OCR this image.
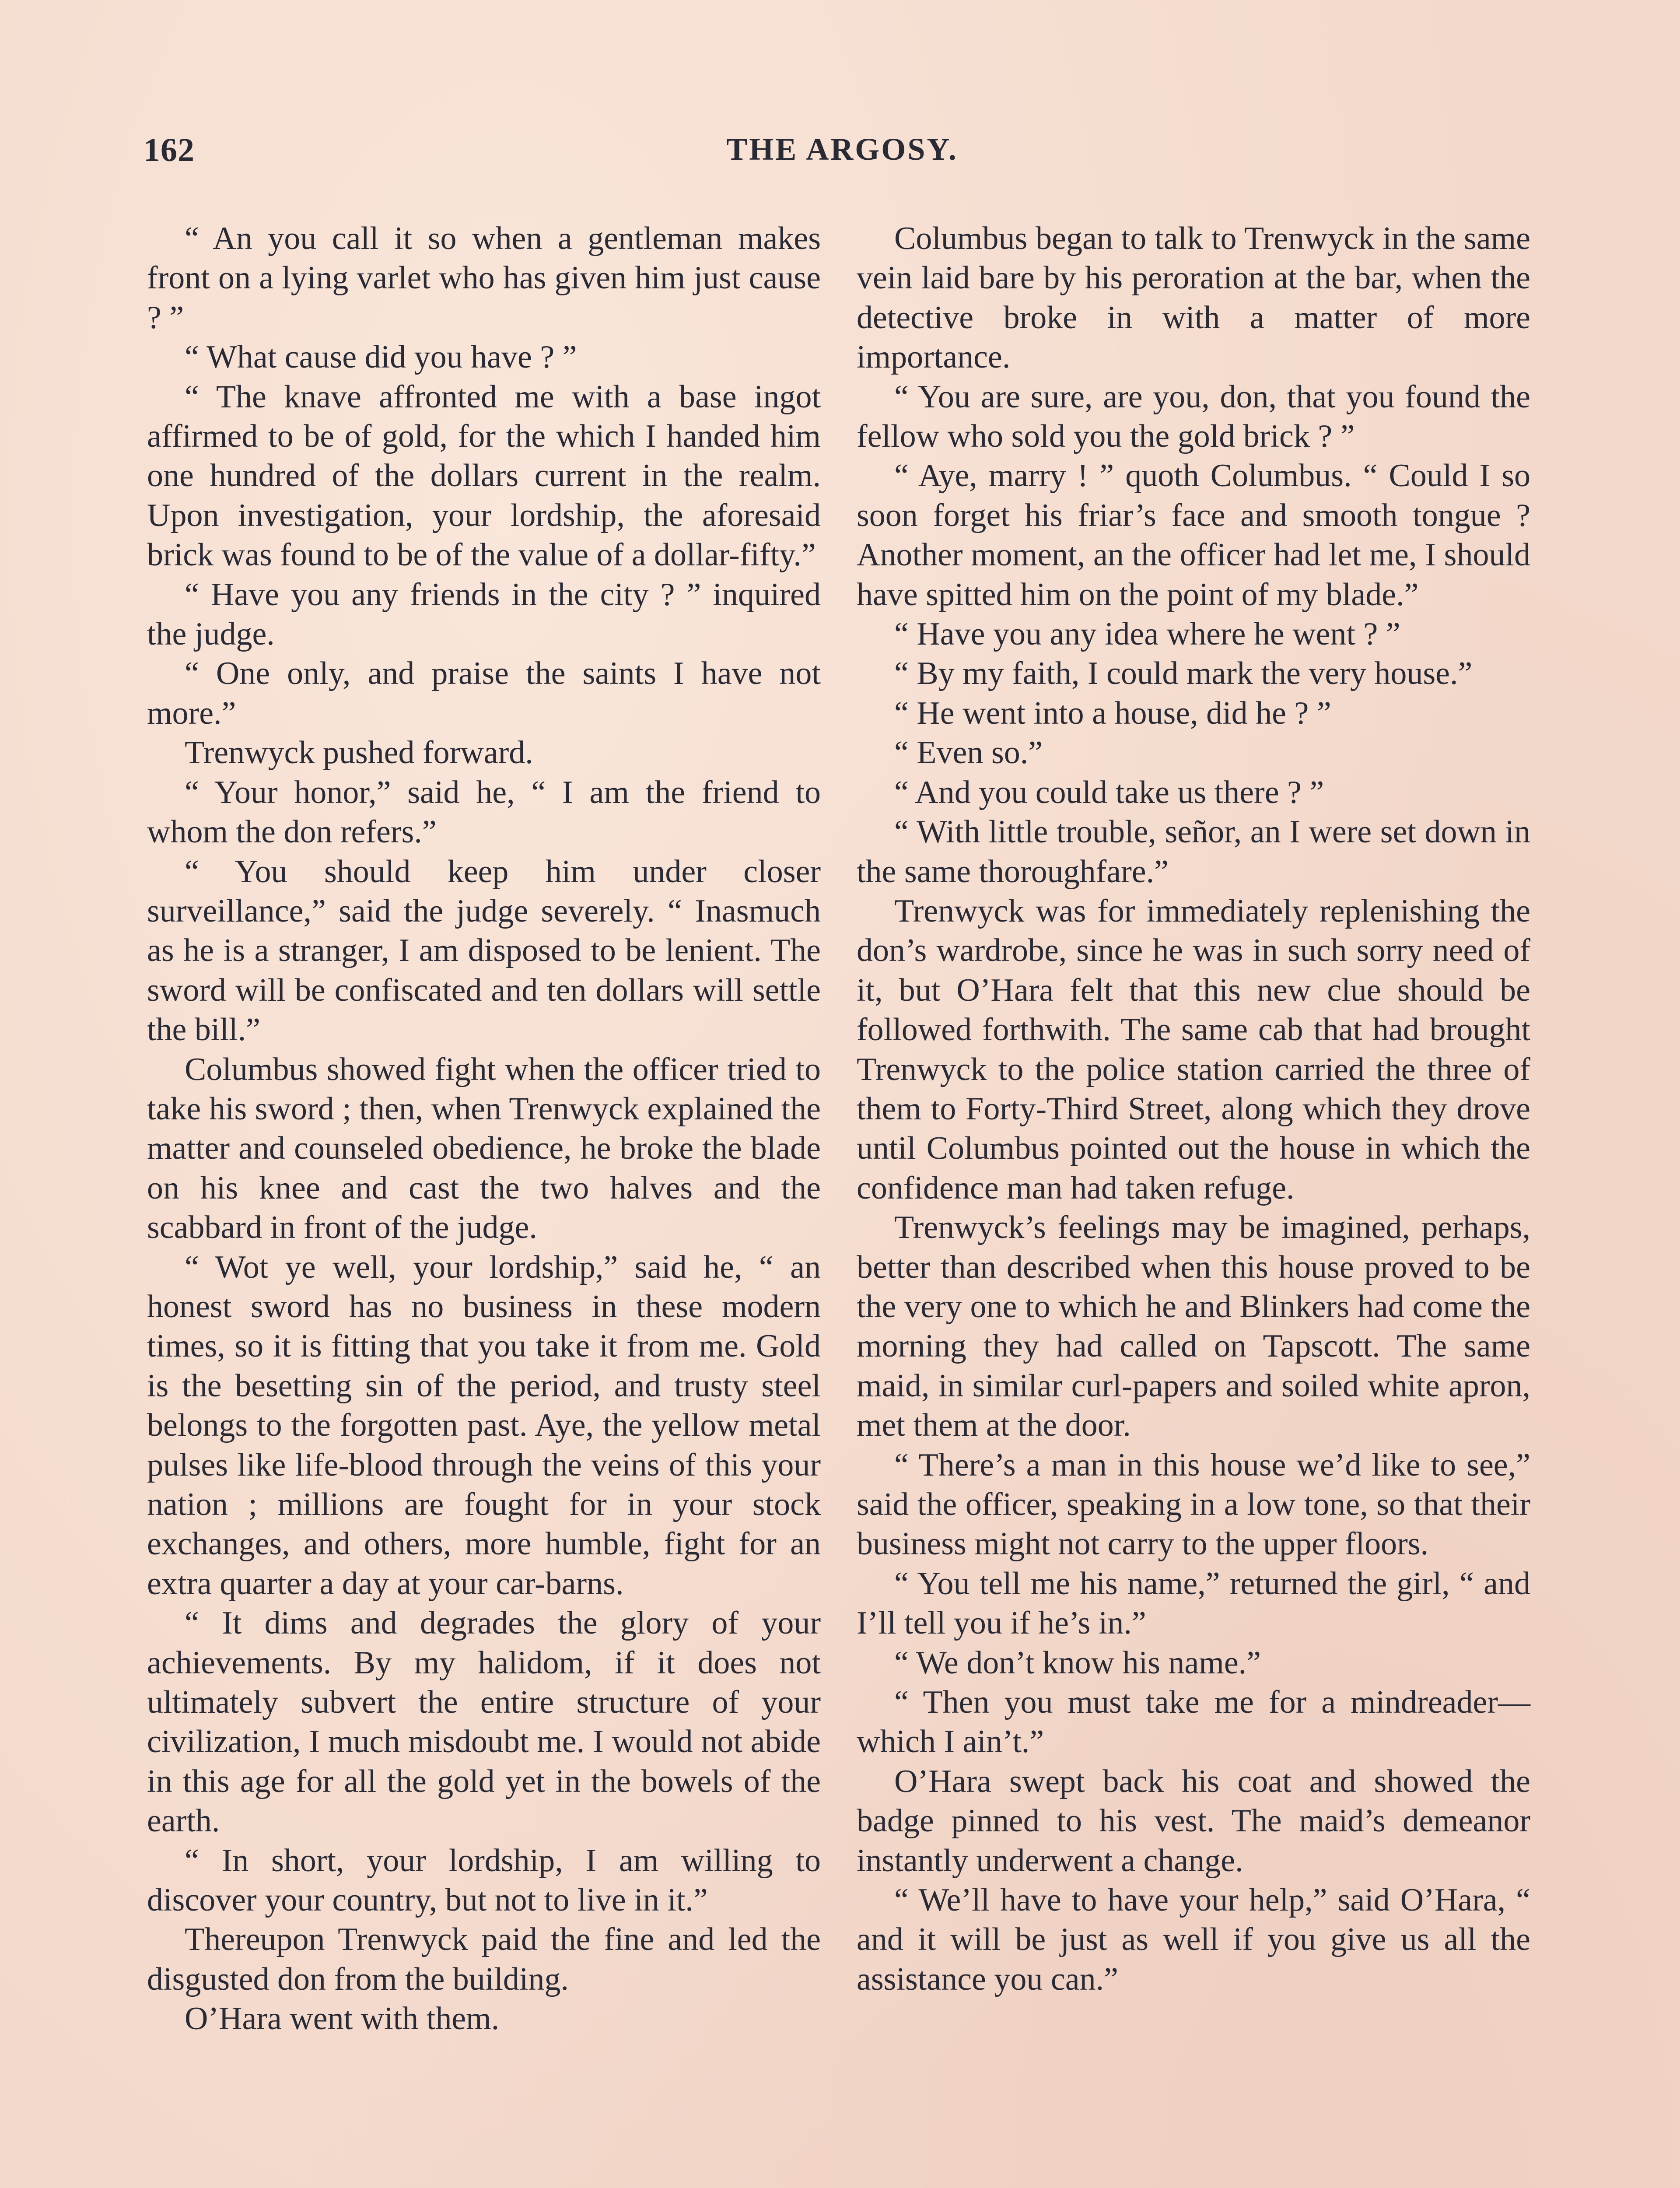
162	THE ARGOSY.

“ An you call it so when a gentleman makes front on a lying varlet who has given him just cause ? ”

“ What cause did you have ? ”

“ The knave affronted me with a base ingot affirmed to be of gold, for the which I handed him one hundred of the dollars current in the realm. Upon investigation, your lordship, the aforesaid brick was found to be of the value of a dollar-fifty.”

“ Have you any friends in the city ? ” inquired the judge.

“ One only, and praise the saints I have not more.”

Trenwyck pushed forward.

“ Your honor,” said he, “ I am the friend to whom the don refers.”

“ You should keep him under closer surveillance,” said the judge severely. “ Inasmuch as he is a stranger, I am disposed to be lenient. The sword will be confiscated and ten dollars will settle the bill.”

Columbus showed fight when the officer tried to take his sword ; then, when Trenwyck explained the matter and counseled obedience, he broke the blade on his knee and cast the two halves and the scabbard in front of the judge.

“ Wot ye well, your lordship,” said he, “ an honest sword has no business in these modern times, so it is fitting that you take it from me. Gold is the besetting sin of the period, and trusty steel belongs to the forgotten past. Aye, the yellow metal pulses like life-blood through the veins of this your nation ; millions are fought for in your stock exchanges, and others, more humble, fight for an extra quarter a day at your car-barns.

“ It dims and degrades the glory of your achievements. By my halidom, if it does not ultimately subvert the entire structure of your civilization, I much misdoubt me. I would not abide in this age for all the gold yet in the bowels of the earth.

“ In short, your lordship, I am willing to discover your country, but not to live in it.”

Thereupon Trenwyck paid the fine and led the disgusted don from the building.

O’Hara went with them.

Columbus began to talk to Trenwyck in the same vein laid bare by his peroration at the bar, when the detective broke in with a matter of more importance.

“ You are sure, are you, don, that you found the fellow who sold you the gold brick ? ”

“ Aye, marry ! ” quoth Columbus. “ Could I so soon forget his friar’s face and smooth tongue ? Another moment, an the officer had let me, I should have spitted him on the point of my blade.”

“ Have you any idea where he went ? ”

“ By my faith, I could mark the very house.”

“ He went into a house, did he ? ”

“ Even so.”

“ And you could take us there ? ”

“ With little trouble, señor, an I were set down in the same thoroughfare.”

Trenwyck was for immediately replenishing the don’s wardrobe, since he was in such sorry need of it, but O’Hara felt that this new clue should be followed forthwith. The same cab that had brought Trenwyck to the police station carried the three of them to Forty-Third Street, along which they drove until Columbus pointed out the house in which the confidence man had taken refuge.

Trenwyck’s feelings may be imagined, perhaps, better than described when this house proved to be the very one to which he and Blinkers had come the morning they had called on Tapscott. The same maid, in similar curl-papers and soiled white apron, met them at the door.

“ There’s a man in this house we’d like to see,” said the officer, speaking in a low tone, so that their business might not carry to the upper floors.

“ You tell me his name,” returned the girl, “ and I’ll tell you if he’s in.”

“ We don’t know his name.”

“ Then you must take me for a mindreader—which I ain’t.”

O’Hara swept back his coat and showed the badge pinned to his vest. The maid’s demeanor instantly underwent a change.

“ We’ll have to have your help,” said O’Hara, “ and it will be just as well if you give us all the assistance you can.”
